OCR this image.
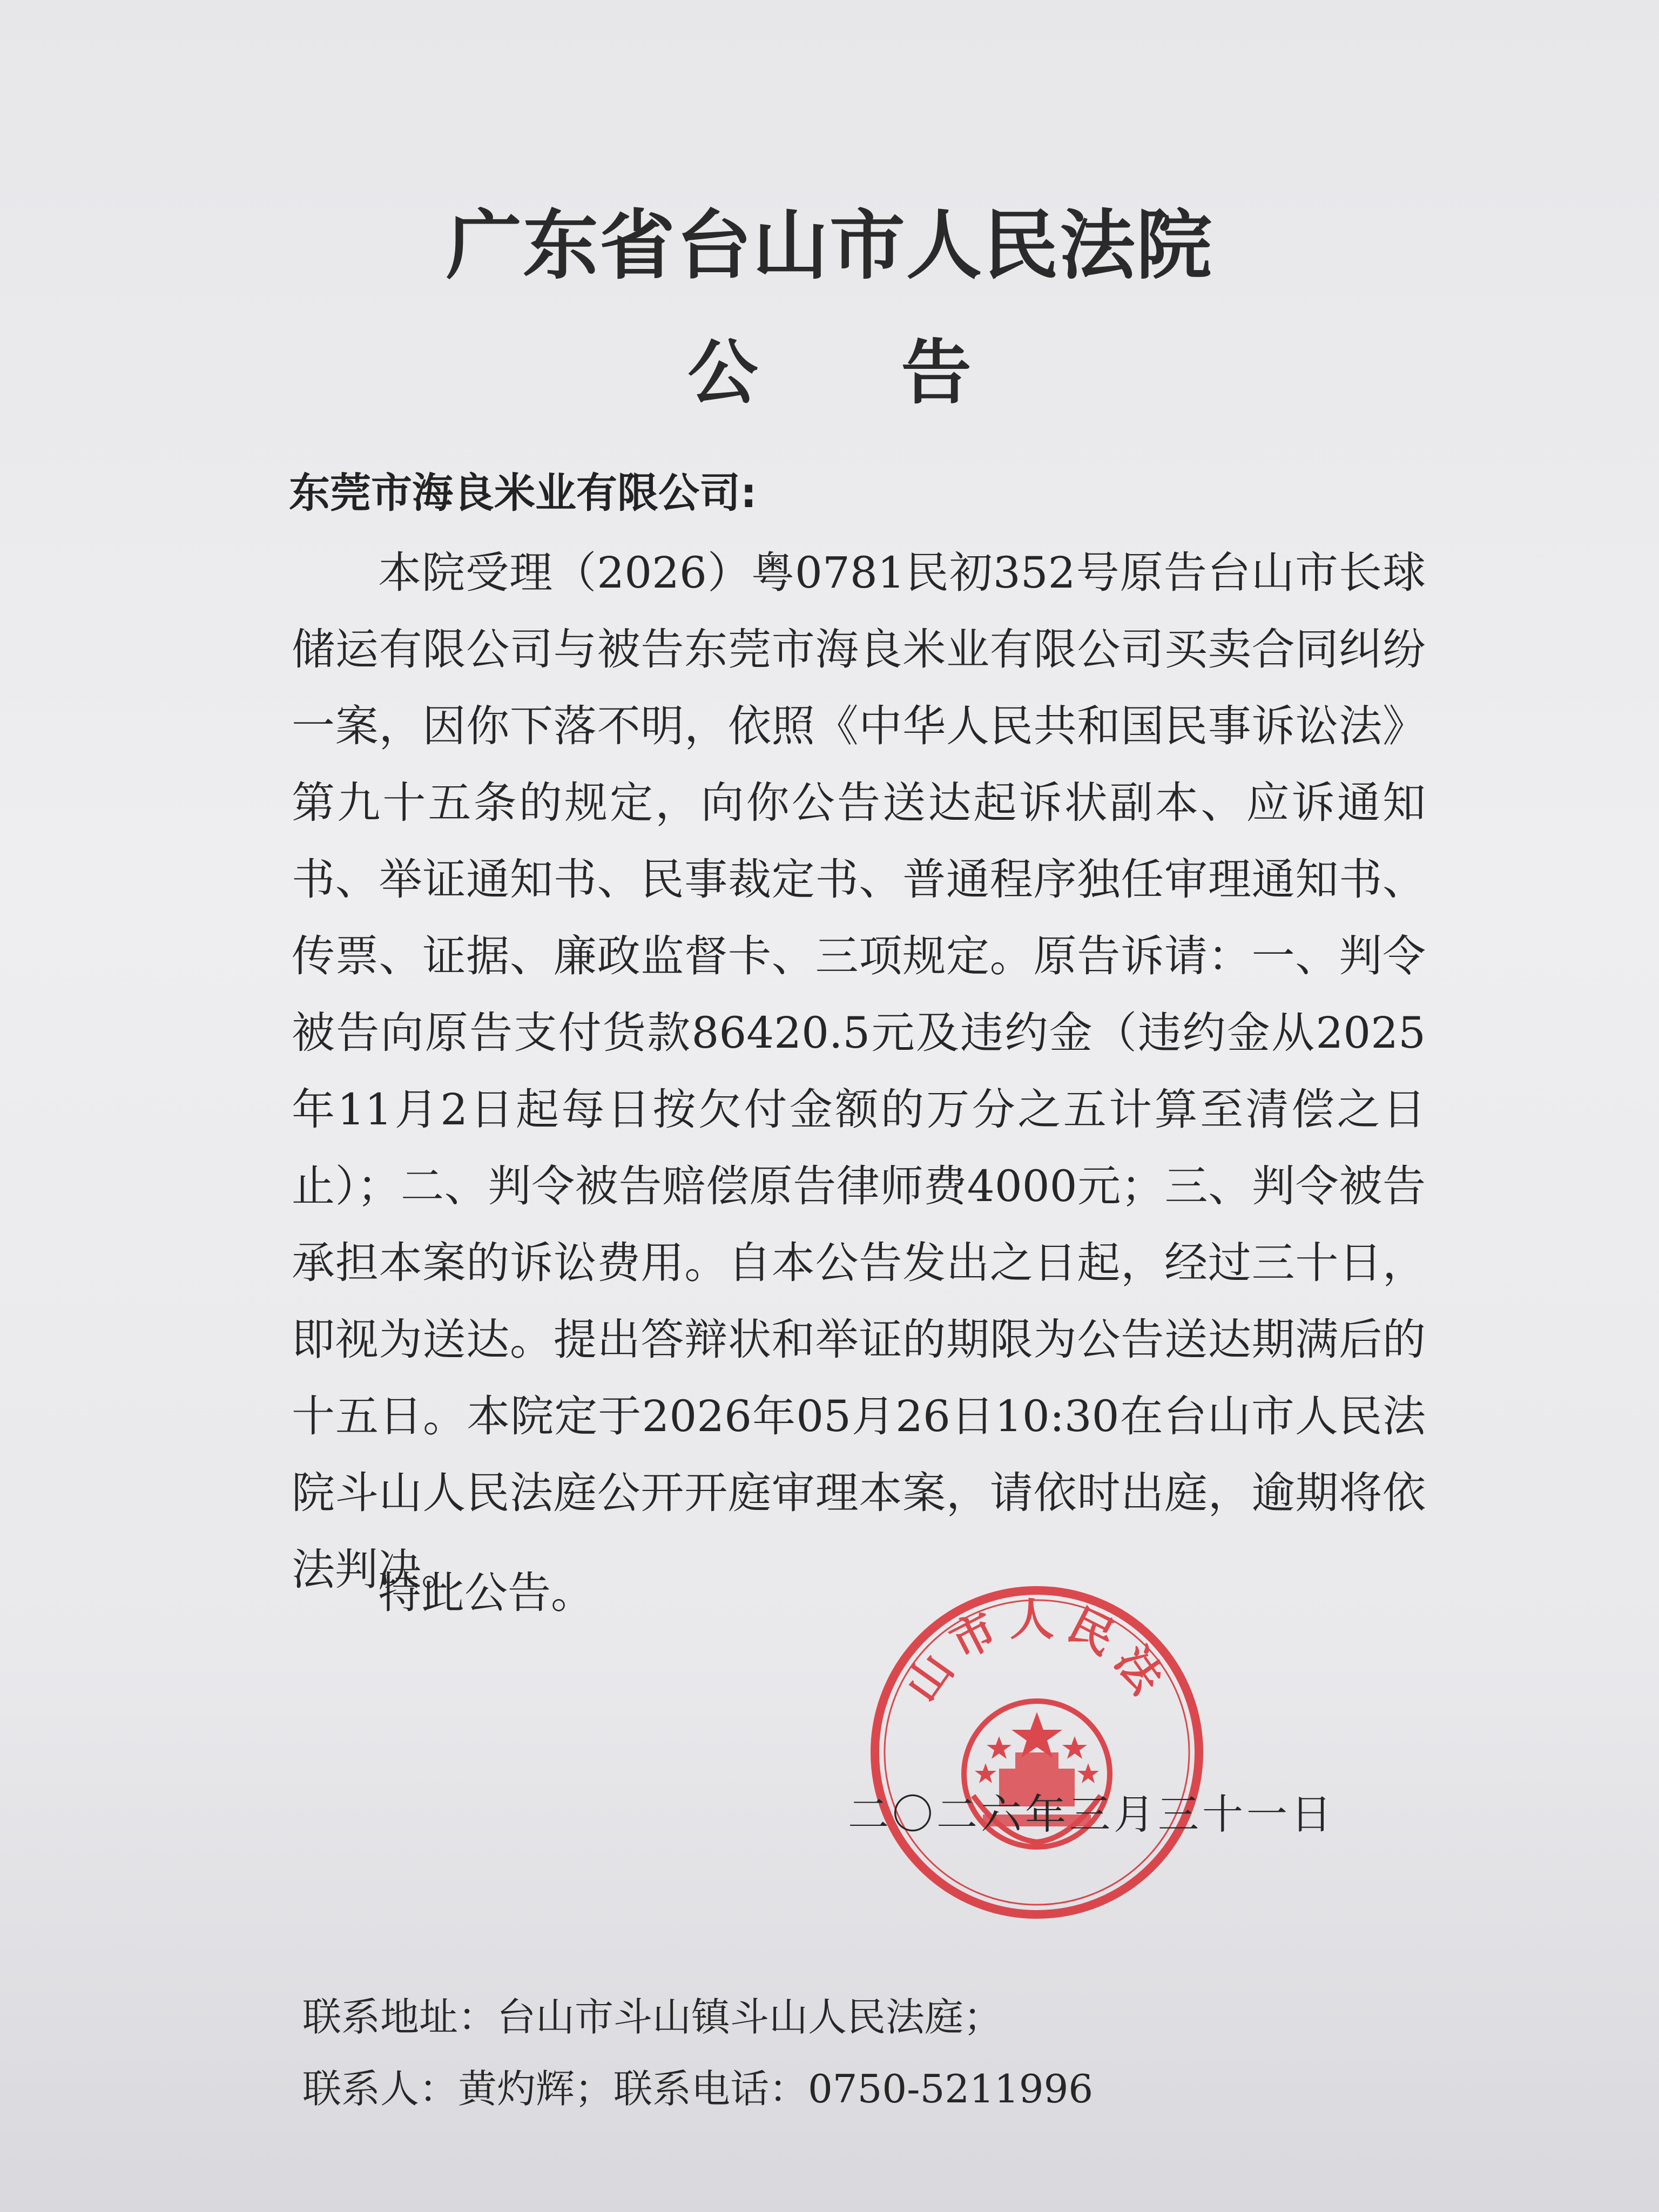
广东省台山市人民法院
公 告
东莞市海良米业有限公司:

本院受理（2026）粤0781民初352号原告台山市长球储运有限公司与被告东莞市海良米业有限公司买卖合同纠纷一案，因你下落不明，依照《中华人民共和国民事诉讼法》第九十五条的规定，向你公告送达起诉状副本、应诉通知书、举证通知书、民事裁定书、普通程序独任审理通知书、传票、证据、廉政监督卡、三项规定。原告诉请：一、判令被告向原告支付货款86420.5元及违约金（违约金从2025年11月2日起每日按欠付金额的万分之五计算至清偿之日止）；二、判令被告赔偿原告律师费4000元；三、判令被告承担本案的诉讼费用。自本公告发出之日起，经过三十日，即视为送达。提出答辩状和举证的期限为公告送达期满后的十五日。本院定于2026年05月26日10:30在台山市人民法院斗山人民法庭公开开庭审理本案，请依时出庭，逾期将依法判决。

特此公告。
山市人民法
二〇二六年三月三十一日
联系地址：台山市斗山镇斗山人民法庭；
联系人：黄灼辉；联系电话：0750-5211996
